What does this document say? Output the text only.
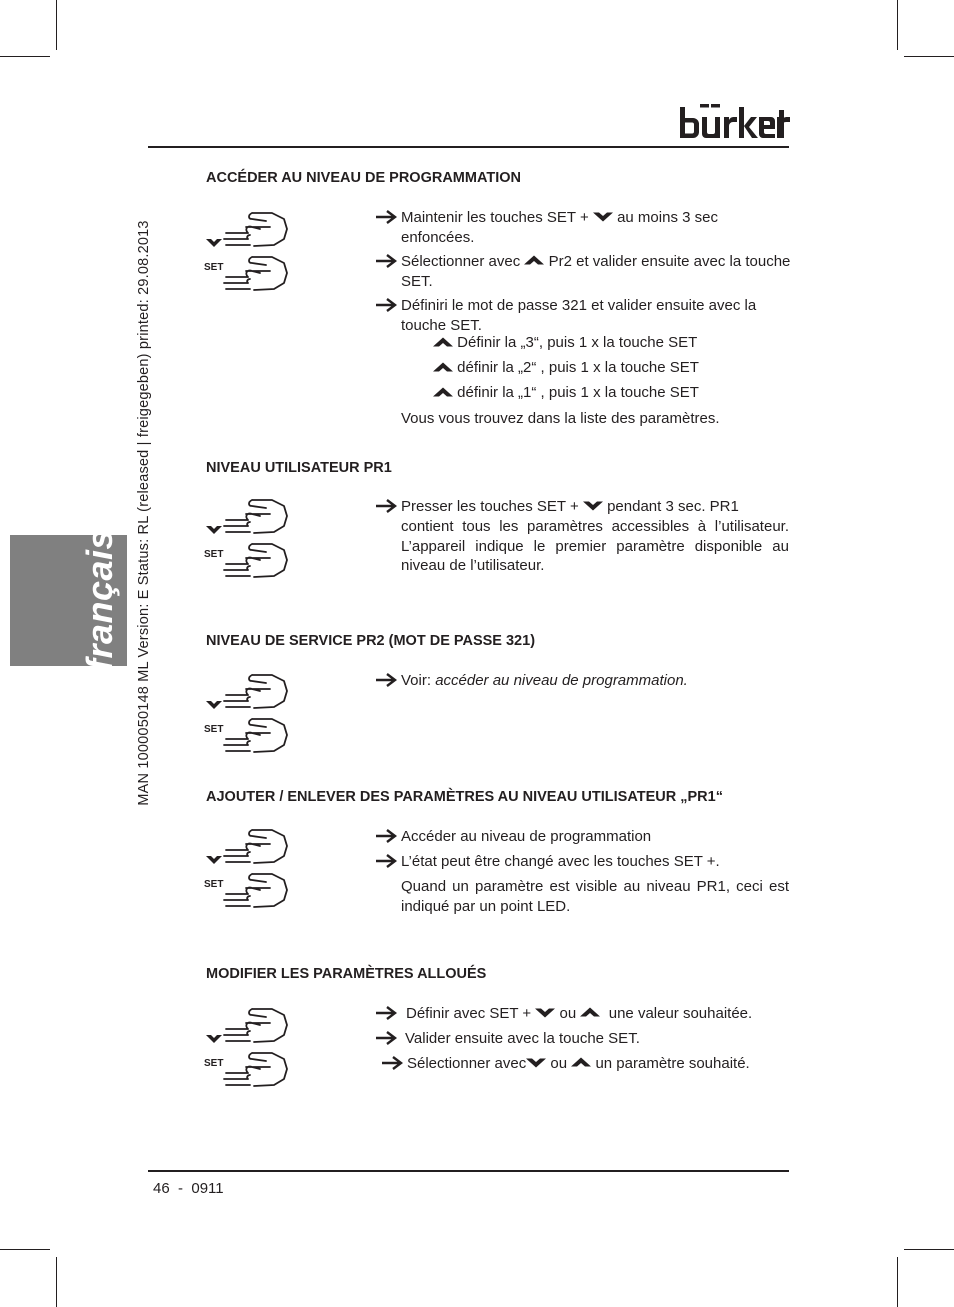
français MAN 1000050148 ML Version: E Status: RL (released | freigegeben) printed: 29.08.2013
ACCÉDER AU NIVEAU DE PROGRAMMATION
SET
Maintenir les touches SET + au moins 3 sec enfoncées.
Sélectionner avec Pr2 et valider ensuite avec la touche SET.
Définiri le mot de passe 321 et valider ensuite avec la touche SET.
Définir la „3“, puis 1 x la touche SET
définir la „2“ , puis 1 x la touche SET
définir la „1“ , puis 1 x la touche SET
Vous vous trouvez dans la liste des paramètres.
NIVEAU UTILISATEUR PR1
SET
Presser les touches SET + pendant 3 sec. PR1
contient tous les paramètres accessibles à l’utilisateur. L’appareil indique le premier paramètre disponible au niveau de l’utilisateur.
NIVEAU DE SERVICE PR2 (MOT DE PASSE 321)
SET
Voir: accéder au niveau de programmation.
AJOUTER / ENLEVER DES PARAMÈTRES AU NIVEAU UTILISATEUR „PR1“
SET
Accéder au niveau de programmation
L’état peut être changé avec les touches SET +.
Quand un paramètre est visible au niveau PR1, ceci est indiqué par un point LED.
MODIFIER LES PARAMÈTRES ALLOUÉS
SET
Définir avec SET + ou une valeur souhaitée.
Valider ensuite avec la touche SET.
Sélectionner avec ou un paramètre souhaité.
46  -  0911
